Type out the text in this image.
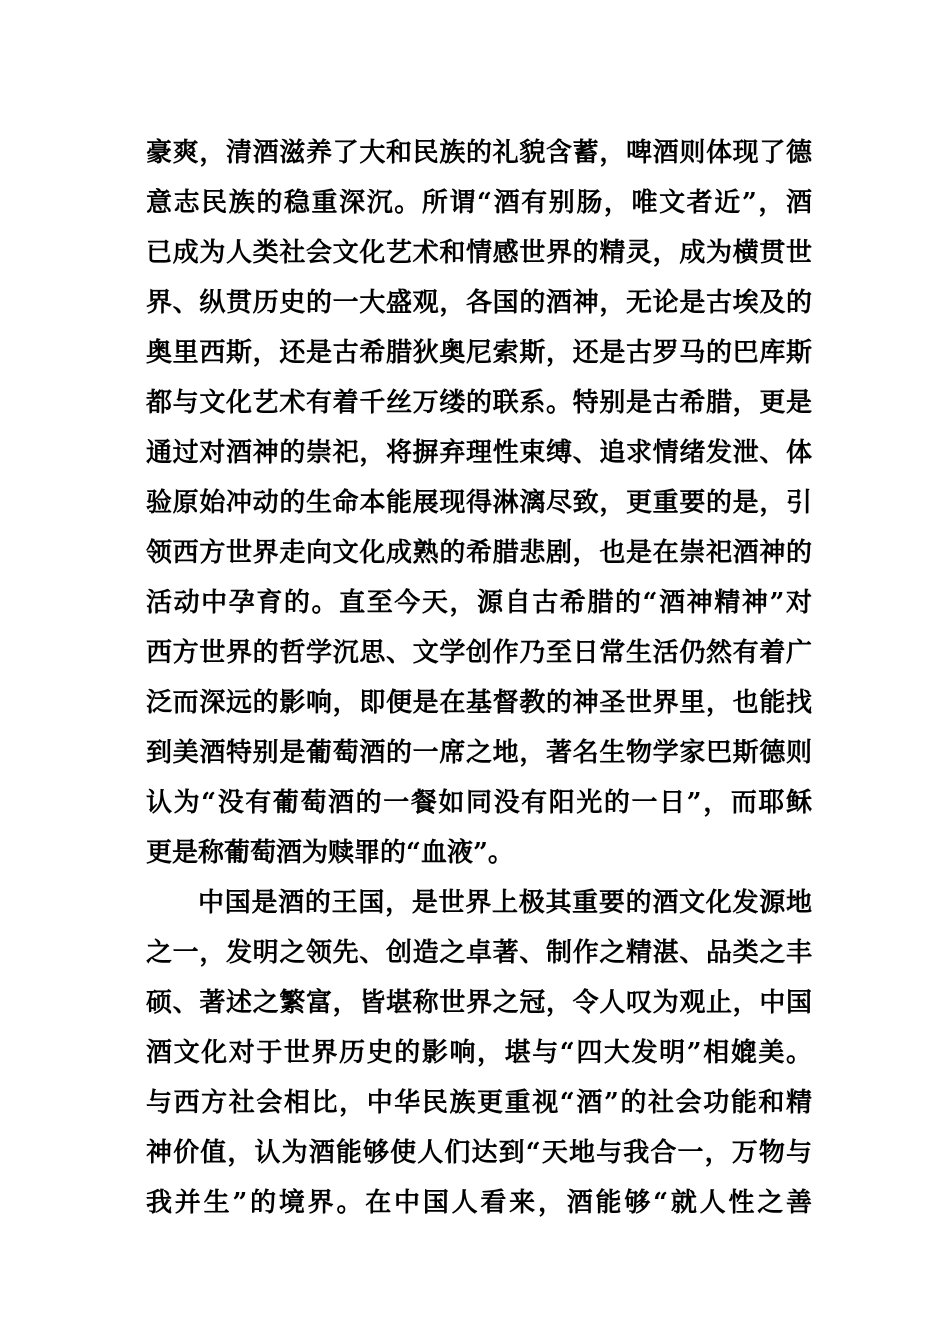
豪爽，清酒滋养了大和民族的礼貌含蓄，啤酒则体现了德
意志民族的稳重深沉。所谓“酒有别肠，唯文者近”，酒
已成为人类社会文化艺术和情感世界的精灵，成为横贯世
界、纵贯历史的一大盛观，各国的酒神，无论是古埃及的
奥里西斯，还是古希腊狄奥尼索斯，还是古罗马的巴库斯
都与文化艺术有着千丝万缕的联系。特别是古希腊，更是
通过对酒神的崇祀，将摒弃理性束缚、追求情绪发泄、体
验原始冲动的生命本能展现得淋漓尽致，更重要的是，引
领西方世界走向文化成熟的希腊悲剧，也是在崇祀酒神的
活动中孕育的。直至今天，源自古希腊的“酒神精神”对
西方世界的哲学沉思、文学创作乃至日常生活仍然有着广
泛而深远的影响，即便是在基督教的神圣世界里，也能找
到美酒特别是葡萄酒的一席之地，著名生物学家巴斯德则
认为“没有葡萄酒的一餐如同没有阳光的一日”，而耶稣
更是称葡萄酒为赎罪的“血液”。
中国是酒的王国，是世界上极其重要的酒文化发源地
之一，发明之领先、创造之卓著、制作之精湛、品类之丰
硕、著述之繁富，皆堪称世界之冠，令人叹为观止，中国
酒文化对于世界历史的影响，堪与“四大发明”相媲美。
与西方社会相比，中华民族更重视“酒”的社会功能和精
神价值，认为酒能够使人们达到“天地与我合一，万物与
我并生”的境界。在中国人看来，酒能够“就人性之善
